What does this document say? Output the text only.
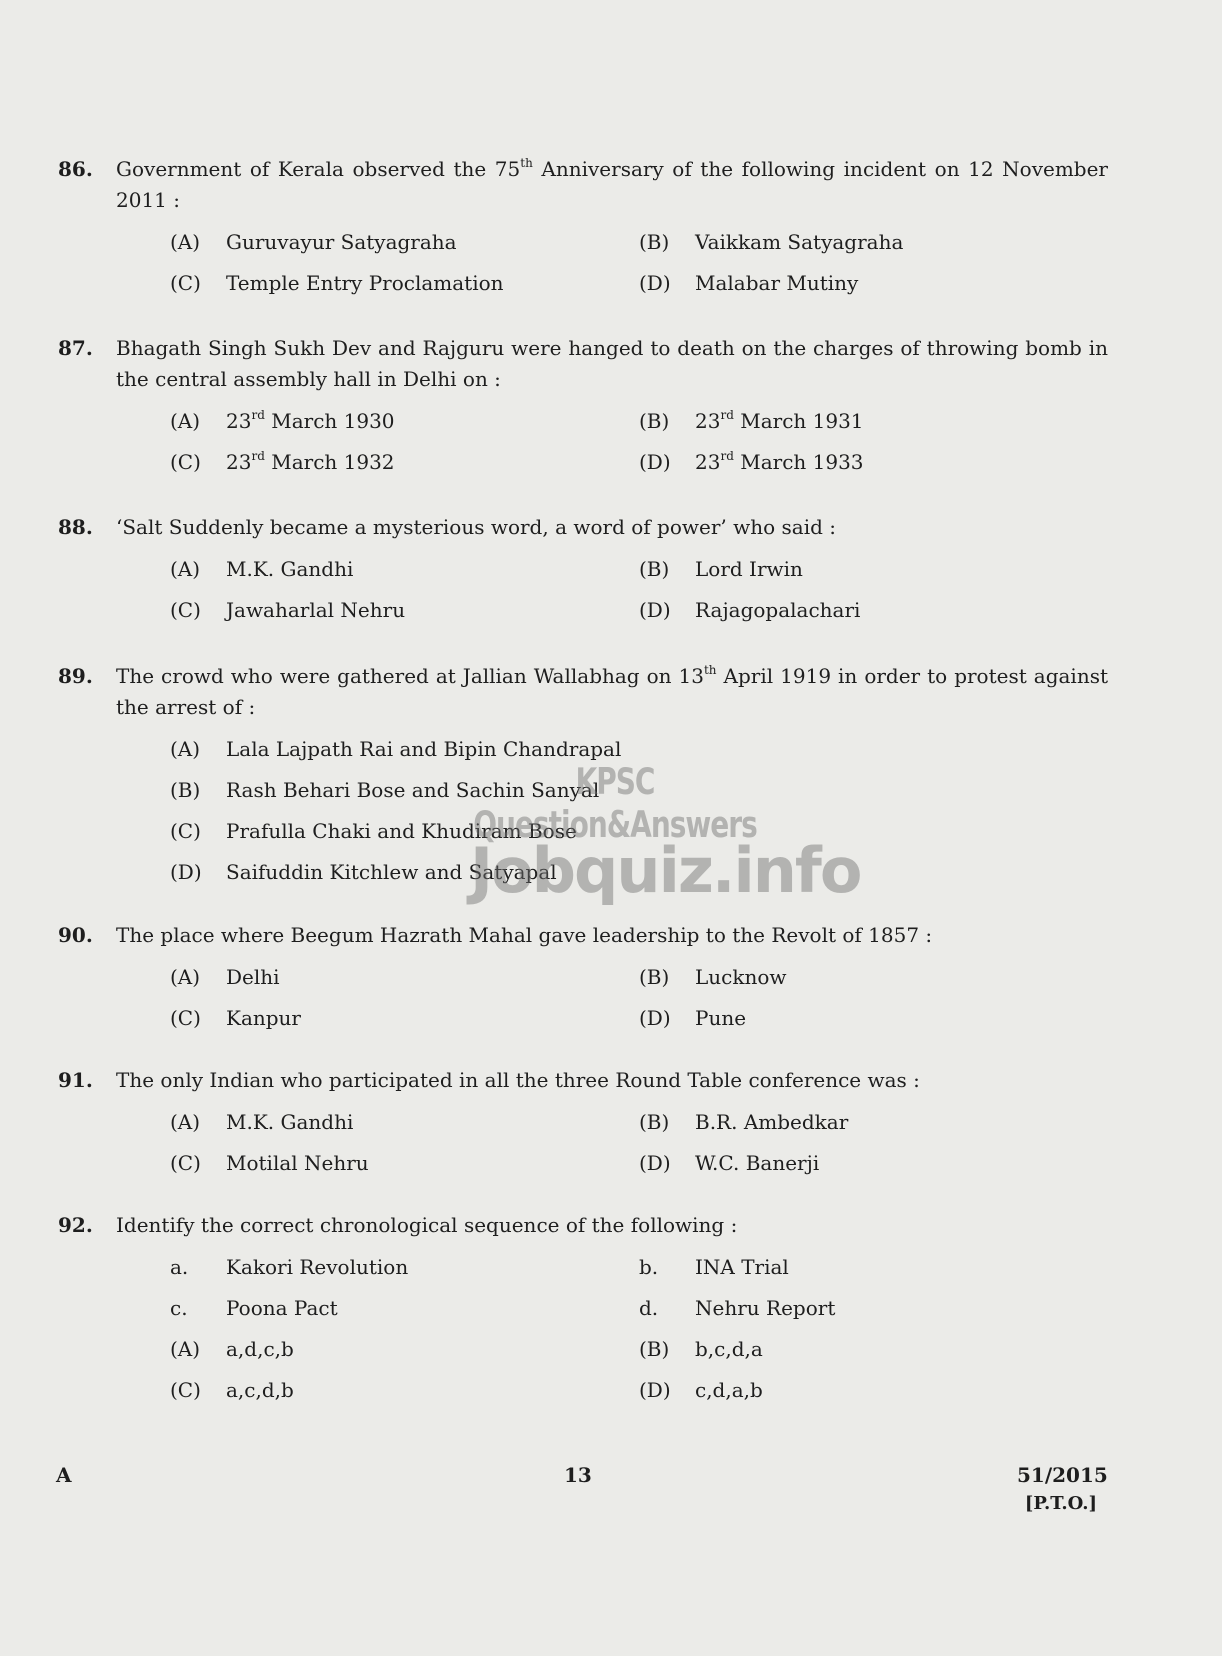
86.	Government of Kerala observed the 75th Anniversary of the following incident on 12 November 2011 :
(A)	Guruvayur Satyagraha	(B)	Vaikkam Satyagraha
(C)	Temple Entry Proclamation	(D)	Malabar Mutiny
87.	Bhagath Singh Sukh Dev and Rajguru were hanged to death on the charges of throwing bomb in the central assembly hall in Delhi on :
(A)	23rd March 1930	(B)	23rd March 1931
(C)	23rd March 1932	(D)	23rd March 1933
88.	‘Salt Suddenly became a mysterious word, a word of power’ who said :
(A)	M.K. Gandhi	(B)	Lord Irwin
(C)	Jawaharlal Nehru	(D)	Rajagopalachari
89.	The crowd who were gathered at Jallian Wallabhag on 13th April 1919 in order to protest against the arrest of :
(A)	Lala Lajpath Rai and Bipin Chandrapal
(B)	Rash Behari Bose and Sachin Sanyal
(C)	Prafulla Chaki and Khudiram Bose
(D)	Saifuddin Kitchlew and Satyapal
90.	The place where Beegum Hazrath Mahal gave leadership to the Revolt of 1857 :
(A)	Delhi	(B)	Lucknow
(C)	Kanpur	(D)	Pune
91.	The only Indian who participated in all the three Round Table conference was :
(A)	M.K. Gandhi	(B)	B.R. Ambedkar
(C)	Motilal Nehru	(D)	W.C. Banerji
92.	Identify the correct chronological sequence of the following :
a.	Kakori Revolution	b.	INA Trial
c.	Poona Pact	d.	Nehru Report
(A)	a,d,c,b	(B)	b,c,d,a
(C)	a,c,d,b	(D)	c,d,a,b
KPSC Question&Answers
Jobquiz.info
A	13	51/2015
[P.T.O.]
